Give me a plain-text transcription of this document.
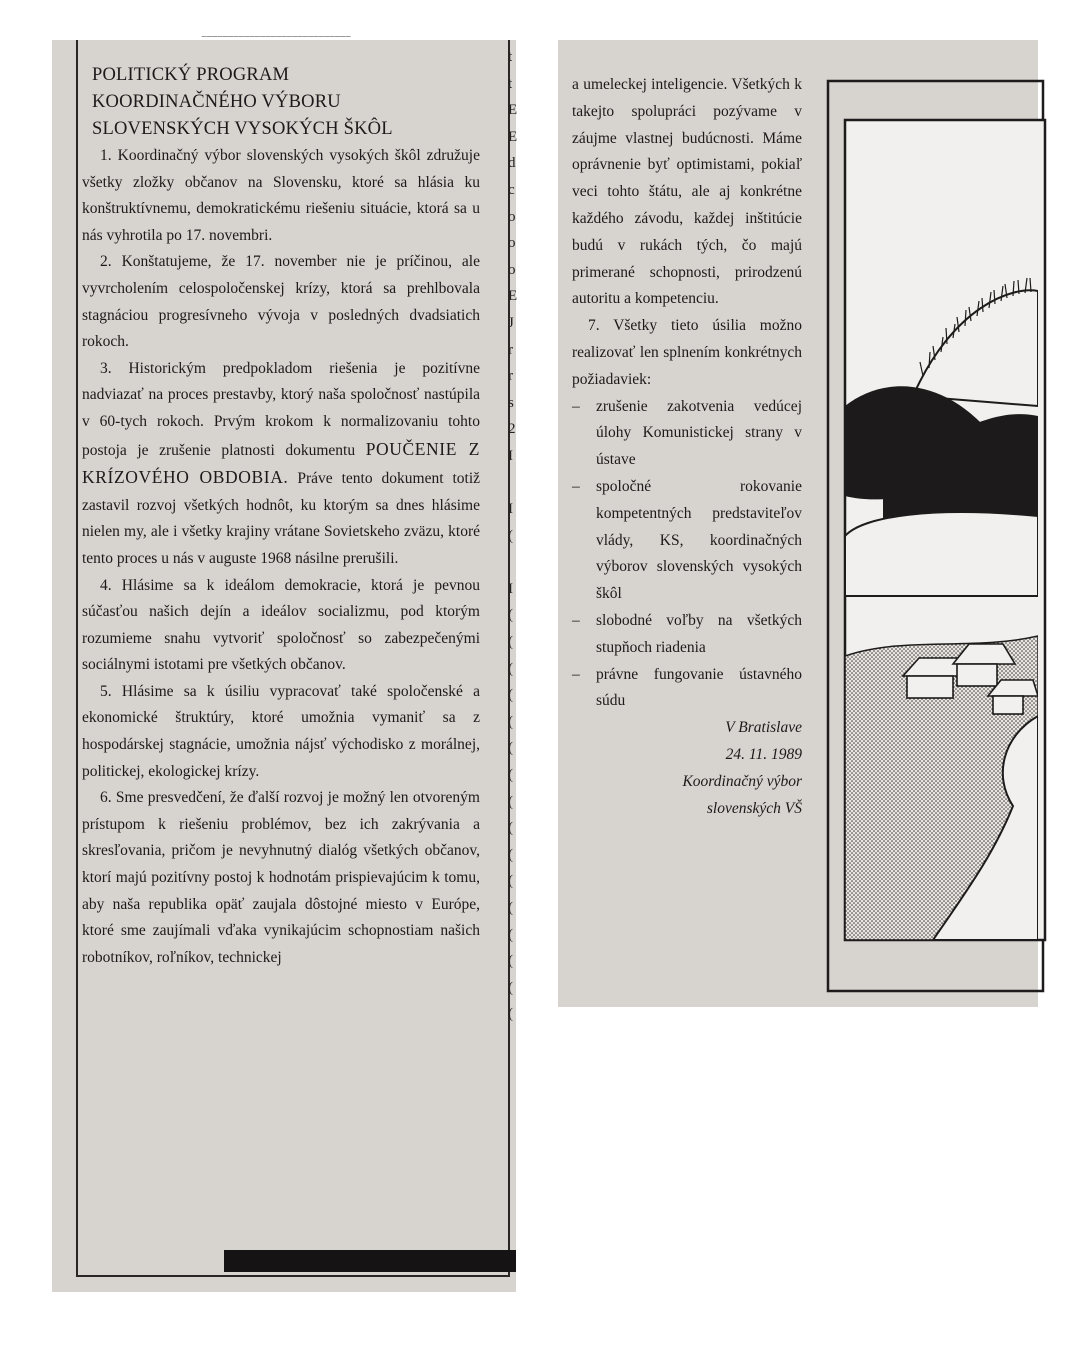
‾‾‾‾‾‾‾‾‾‾‾‾‾‾‾‾‾‾‾‾‾‾‾‾‾‾‾‾
POLITICKÝ PROGRAM
KOORDINAČNÉHO VÝBORU
SLOVENSKÝCH VYSOKÝCH ŠKÔL

1. Koordinačný výbor slovenských vysokých škôl združuje všetky zložky občanov na Slovensku, ktoré sa hlásia ku konštruktívnemu, demokratickému riešeniu situácie, ktorá sa u nás vyhrotila po 17. novembri.

2. Konštatujeme, že 17. november nie je príčinou, ale vyvrcholením celospoločenskej krízy, ktorá sa prehlbovala stagnáciou progresívneho vývoja v posledných dvadsiatich rokoch.

3. Historickým predpokladom riešenia je pozitívne nadviazať na proces prestavby, ktorý naša spoločnosť nastúpila v 60-tych rokoch. Prvým krokom k normalizovaniu tohto postoja je zrušenie platnosti dokumentu POUČENIE Z KRÍZOVÉHO OBDOBIA. Práve tento dokument totiž zastavil rozvoj všetkých hodnôt, ku ktorým sa dnes hlásime nielen my, ale i všetky krajiny vrátane Sovietskeho zväzu, ktoré tento proces u nás v auguste 1968 násilne prerušili.

4. Hlásime sa k ideálom demokracie, ktorá je pevnou súčasťou našich dejín a ideálov socializmu, pod ktorým rozumieme snahu vytvoriť spoločnosť so zabezpečenými sociálnymi istotami pre všetkých občanov.

5. Hlásime sa k úsiliu vypracovať také spoločenské a ekonomické štruktúry, ktoré umožnia vymaniť sa z hospodárskej stagnácie, umožnia nájsť východisko z morálnej, politickej, ekologickej krízy.

6. Sme presvedčení, že ďalší rozvoj je možný len otvoreným prístupom k riešeniu problémov, bez ich zakrývania a skresľovania, pričom je nevyhnutný dialóg všetkých občanov, ktorí majú pozitívny postoj k hodnotám prispievajúcim k tomu, aby naša republika opäť zaujala dôstojné miesto v Európe, ktoré sme zaujímali vďaka vynikajúcim schopnostiam našich robotníkov, roľníkov, technickej

t
t
E
E
d
c
o
o
o
E
J
r
r
s
2
I
I
(
I
(
(
(
(
(
(
(
(
(
(
(
(
(
(
(
(

a umeleckej inteligencie. Všetkých k takejto spolupráci pozývame v záujme vlastnej budúcnosti. Máme oprávnenie byť optimistami, pokiaľ veci tohto štátu, ale aj konkrétne každého závodu, každej inštitúcie budú v rukách tých, čo majú primerané schopnosti, prirodzenú autoritu a kompetenciu.

7. Všetky tieto úsilia možno realizovať len splnením konkrétnych požiadaviek:

– zrušenie zakotvenia vedúcej úlohy Komunistickej strany v ústave
– spoločné rokovanie kompetentných predstaviteľov vlády, KS, koordinačných výborov slovenských vysokých škôl
– slobodné voľby na všetkých stupňoch riadenia
– právne fungovanie ústavného súdu

V Bratislave

24. 11. 1989

Koordinačný výbor

slovenských VŠ
